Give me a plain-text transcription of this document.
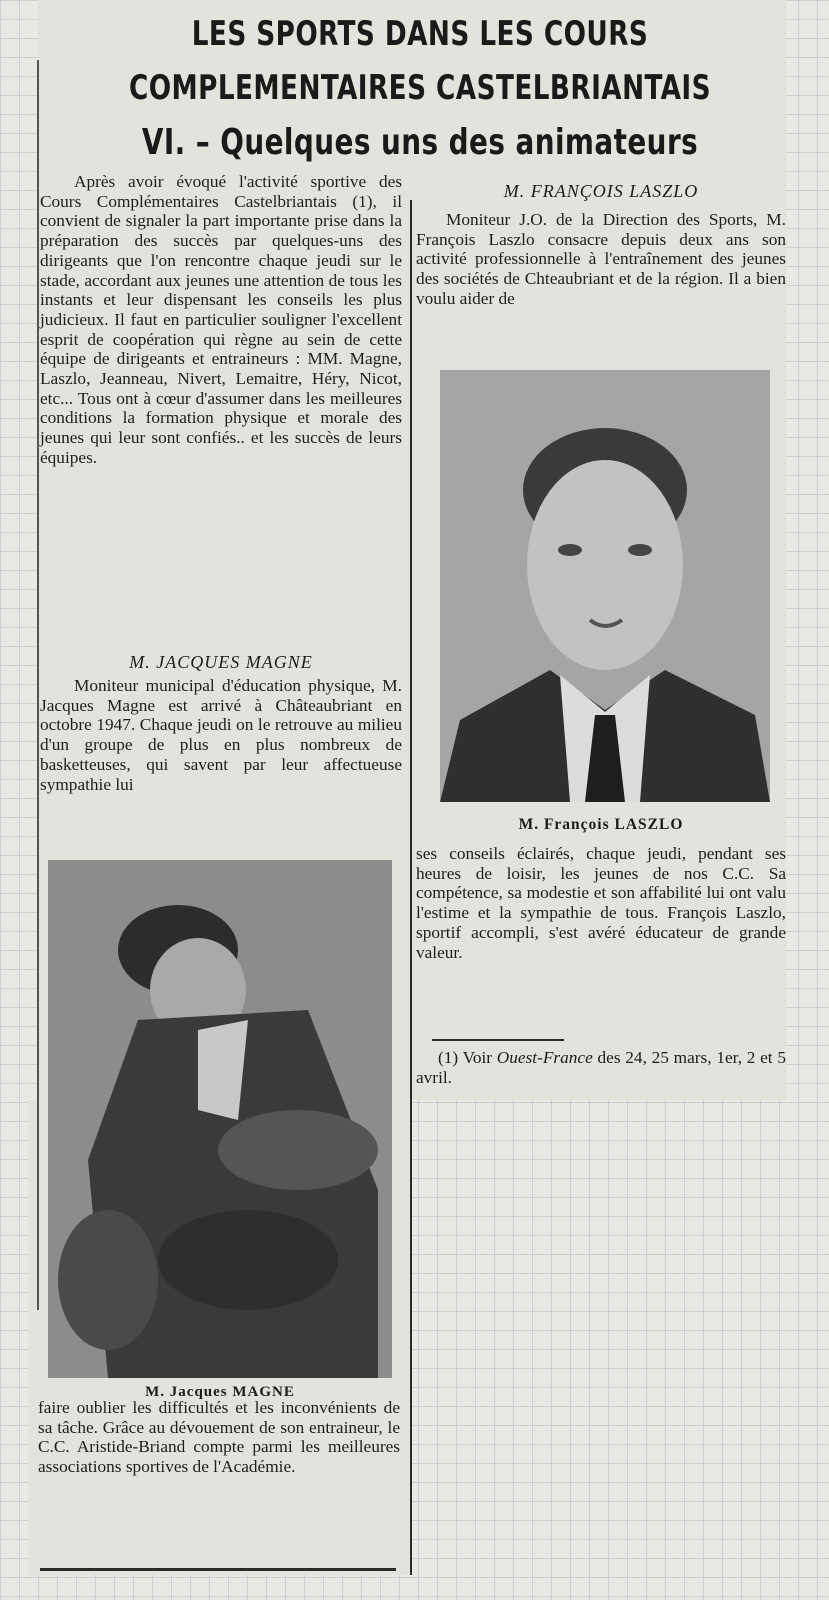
LES SPORTS DANS LES COURS
COMPLEMENTAIRES CASTELBRIANTAIS
VI. – Quelques uns des animateurs

Après avoir évoqué l'activité sportive des Cours Complémentaires Castelbriantais (1), il convient de signaler la part importante prise dans la préparation des succès par quelques-uns des dirigeants que l'on rencontre chaque jeudi sur le stade, accordant aux jeunes une attention de tous les instants et leur dispensant les conseils les plus judicieux. Il faut en particulier souligner l'excellent esprit de coopération qui règne au sein de cette équipe de dirigeants et entraineurs : MM. Magne, Laszlo, Jeanneau, Nivert, Lemaitre, Héry, Nicot, etc... Tous ont à cœur d'assumer dans les meilleures conditions la formation physique et morale des jeunes qui leur sont confiés.. et les succès de leurs équipes.

M. JACQUES MAGNE

Moniteur municipal d'éducation physique, M. Jacques Magne est arrivé à Châteaubriant en octobre 1947. Chaque jeudi on le retrouve au milieu d'un groupe de plus en plus nombreux de basketteuses, qui savent par leur affectueuse sympathie lui

M. Jacques MAGNE

faire oublier les difficultés et les inconvénients de sa tâche. Grâce au dévouement de son entraineur, le C.C. Aristide-Briand compte parmi les meilleures associations sportives de l'Académie.

M. FRANÇOIS LASZLO

Moniteur J.O. de la Direction des Sports, M. François Laszlo consacre depuis deux ans son activité professionnelle à l'entraînement des jeunes des sociétés de Chteaubriant et de la région. Il a bien voulu aider de

M. François LASZLO

ses conseils éclairés, chaque jeudi, pendant ses heures de loisir, les jeunes de nos C.C. Sa compétence, sa modestie et son affabilité lui ont valu l'estime et la sympathie de tous. François Laszlo, sportif accompli, s'est avéré éducateur de grande valeur.

(1) Voir Ouest-France des 24, 25 mars, 1er, 2 et 5 avril.
